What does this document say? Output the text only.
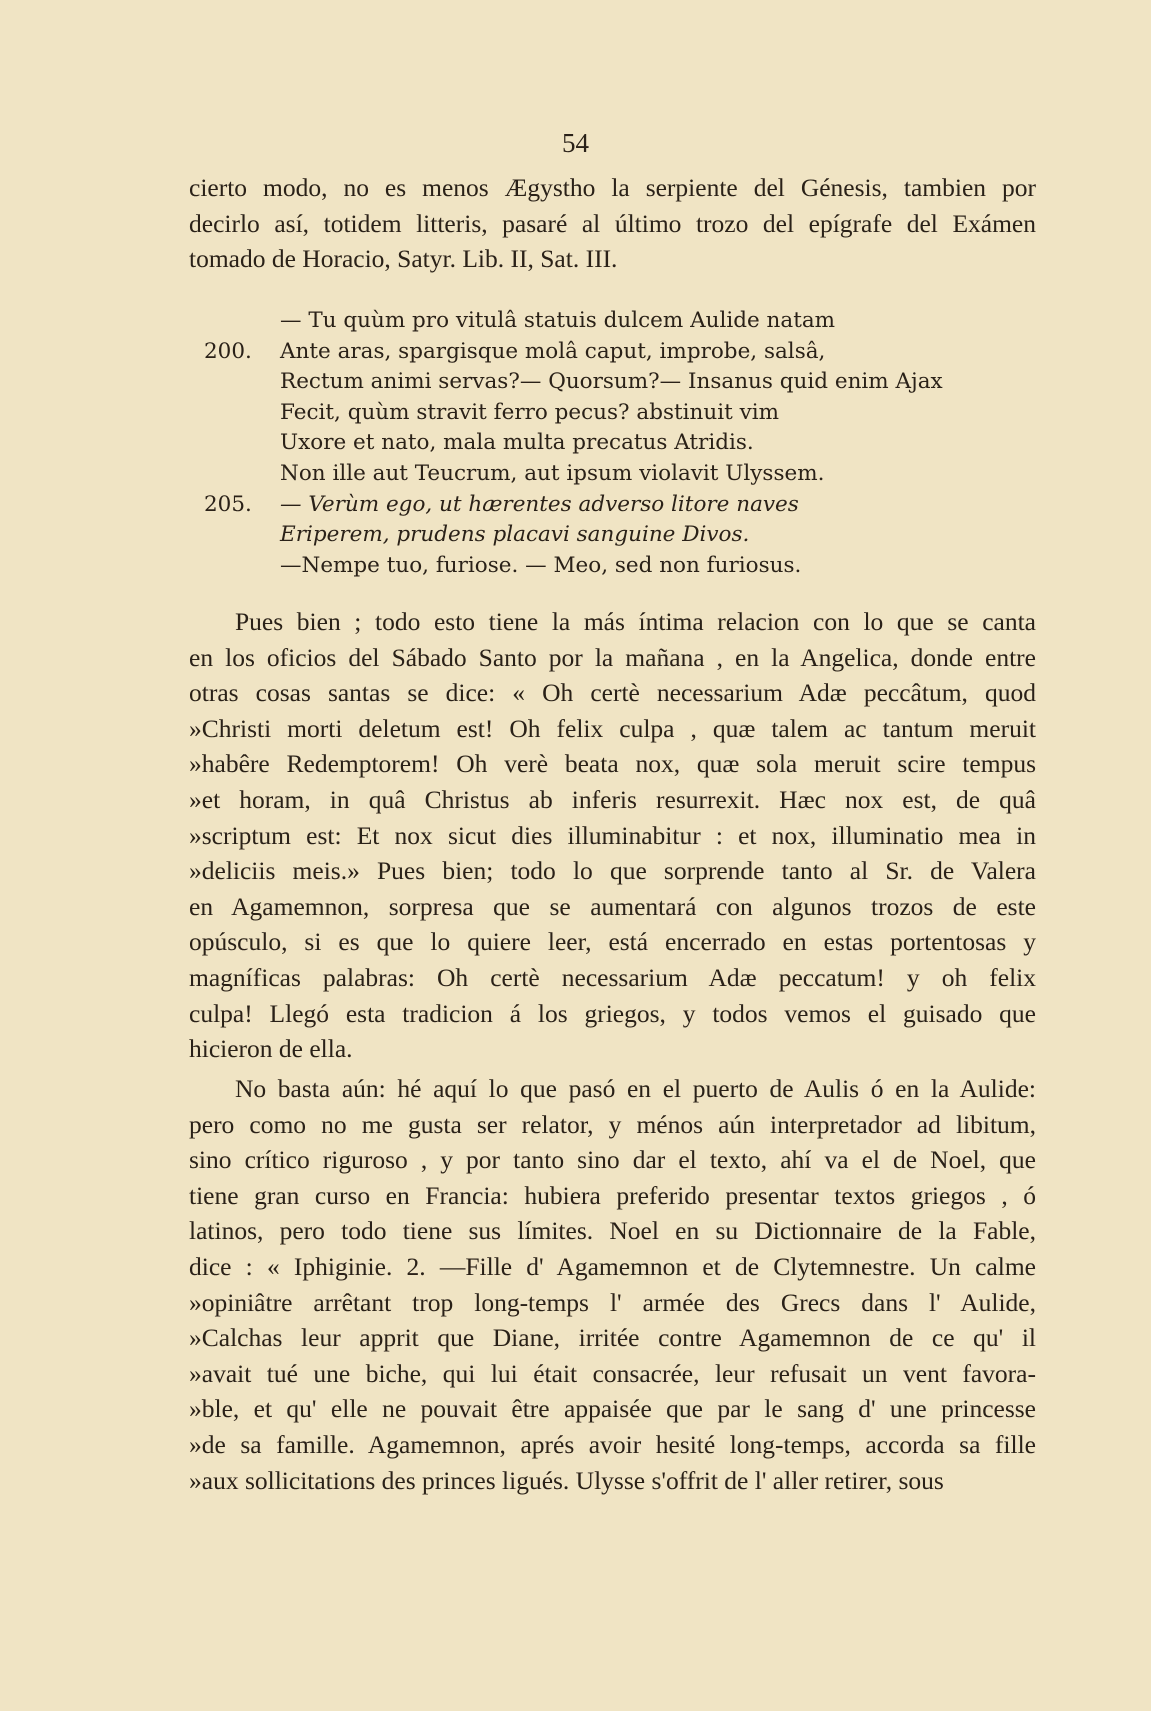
54
cierto modo, no es menos Ægystho la serpiente del Génesis, tambien por
decirlo así, totidem litteris, pasaré al último trozo del epígrafe del Exámen
tomado de Horacio, Satyr. Lib. II, Sat. III.
— Tu quùm pro vitulâ statuis dulcem Aulide natam
200. Ante aras, spargisque molâ caput, improbe, salsâ,
Rectum animi servas?— Quorsum?— Insanus quid enim Ajax
Fecit, quùm stravit ferro pecus? abstinuit vim
Uxore et nato, mala multa precatus Atridis.
Non ille aut Teucrum, aut ipsum violavit Ulyssem.
205. — Verùm ego, ut hærentes adverso litore naves
Eriperem, prudens placavi sanguine Divos.
—Nempe tuo, furiose. — Meo, sed non furiosus.
Pues bien ; todo esto tiene la más íntima relacion con lo que se canta
en los oficios del Sábado Santo por la mañana , en la Angelica, donde entre
otras cosas santas se dice: « Oh certè necessarium Adæ peccâtum, quod
»Christi morti deletum est! Oh felix culpa , quæ talem ac tantum meruit
»habêre Redemptorem! Oh verè beata nox, quæ sola meruit scire tempus
»et horam, in quâ Christus ab inferis resurrexit. Hæc nox est, de quâ
»scriptum est: Et nox sicut dies illuminabitur : et nox, illuminatio mea in
»deliciis meis.» Pues bien; todo lo que sorprende tanto al Sr. de Valera
en Agamemnon, sorpresa que se aumentará con algunos trozos de este
opúsculo, si es que lo quiere leer, está encerrado en estas portentosas y
magníficas palabras: Oh certè necessarium Adæ peccatum! y oh felix
culpa! Llegó esta tradicion á los griegos, y todos vemos el guisado que
hicieron de ella.
No basta aún: hé aquí lo que pasó en el puerto de Aulis ó en la Aulide:
pero como no me gusta ser relator, y ménos aún interpretador ad libitum,
sino crítico riguroso , y por tanto sino dar el texto, ahí va el de Noel, que
tiene gran curso en Francia: hubiera preferido presentar textos griegos , ó
latinos, pero todo tiene sus límites. Noel en su Dictionnaire de la Fable,
dice : « Iphiginie. 2. —Fille d' Agamemnon et de Clytemnestre. Un calme
»opiniâtre arrêtant trop long-temps l' armée des Grecs dans l' Aulide,
»Calchas leur apprit que Diane, irritée contre Agamemnon de ce qu' il
»avait tué une biche, qui lui était consacrée, leur refusait un vent favora-
»ble, et qu' elle ne pouvait être appaisée que par le sang d' une princesse
»de sa famille. Agamemnon, aprés avoir hesité long-temps, accorda sa fille
»aux sollicitations des princes ligués. Ulysse s'offrit de l' aller retirer, sous
